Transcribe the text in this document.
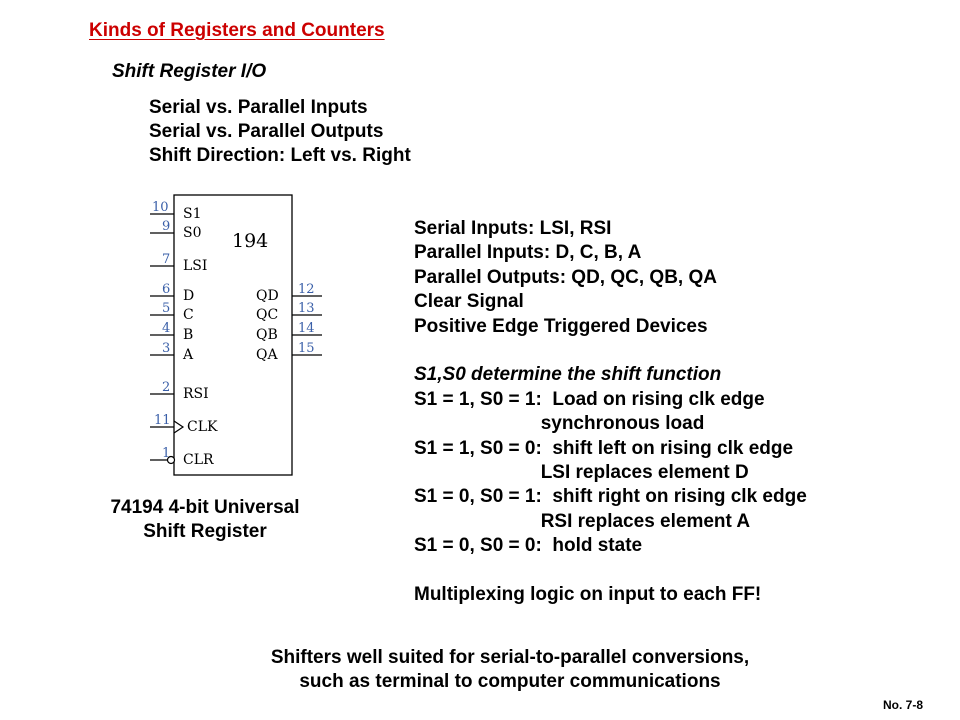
Kinds of Registers and Counters
Shift Register I/O
Serial vs. Parallel Inputs
Serial vs. Parallel Outputs
Shift Direction: Left vs. Right
194
10 S1
9 S0
7 LSI
6 D
5 C
4 B
3 A
2 RSI
11 CLK
1 CLR
QD 12
QC 13
QB 14
QA 15
74194 4-bit Universal
Shift Register
Serial Inputs: LSI, RSI
Parallel Inputs: D, C, B, A
Parallel Outputs: QD, QC, QB, QA
Clear Signal
Positive Edge Triggered Devices
S1,S0 determine the shift function
S1 = 1, S0 = 1:  Load on rising clk edge
synchronous load
S1 = 1, S0 = 0:  shift left on rising clk edge
LSI replaces element D
S1 = 0, S0 = 1:  shift right on rising clk edge
RSI replaces element A
S1 = 0, S0 = 0:  hold state
Multiplexing logic on input to each FF!
Shifters well suited for serial-to-parallel conversions,
such as terminal to computer communications
No. 7-8
